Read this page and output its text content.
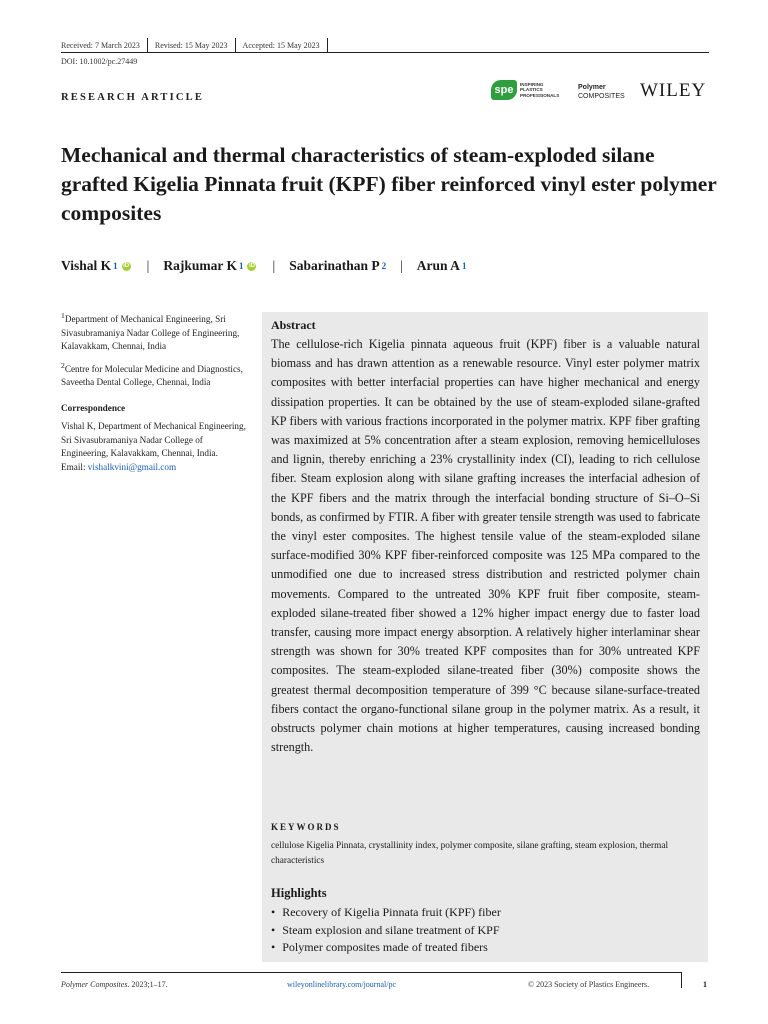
Received: 7 March 2023 Revised: 15 May 2023 Accepted: 15 May 2023
DOI: 10.1002/pc.27449
RESEARCH ARTICLE
spe	INSPIRING
PLASTICS
PROFESSIONALS
Polymer
COMPOSITES WILEY
Mechanical and thermal characteristics of steam-exploded silane grafted Kigelia Pinnata fruit (KPF) fiber reinforced vinyl ester polymer composites
Vishal K 1 iD | Rajkumar K 1 iD | Sabarinathan P 2 | Arun A 1

$^1$Department of Mechanical Engineering, Sri Sivasubramaniya Nadar College of Engineering, Kalavakkam, Chennai, India

$^2$Centre for Molecular Medicine and Diagnostics, Saveetha Dental College, Chennai, India

Correspondence

Vishal K, Department of Mechanical Engineering, Sri Sivasubramaniya Nadar College of Engineering, Kalavakkam, Chennai, India.
Email: vishalkvini@gmail.com

Abstract
The cellulose-rich Kigelia pinnata aqueous fruit (KPF) fiber is a valuable natural biomass and has drawn attention as a renewable resource. Vinyl ester polymer matrix composites with better interfacial properties can have higher mechanical and energy dissipation properties. It can be obtained by the use of steam-exploded silane-grafted KP fibers with various fractions incorporated in the polymer matrix. KPF fiber grafting was maximized at 5% concentration after a steam explosion, removing hemicelluloses and lignin, thereby enriching a 23% crystallinity index (CI), leading to rich cellulose fiber. Steam explosion along with silane grafting increases the interfacial adhesion of the KPF fibers and the matrix through the interfacial bonding structure of Si–O–Si bonds, as confirmed by FTIR. A fiber with greater tensile strength was used to fabricate the vinyl ester composites. The highest tensile value of the steam-exploded silane surface-modified 30% KPF fiber-reinforced composite was 125 MPa compared to the unmodified one due to increased stress distribution and restricted polymer chain movements. Compared to the untreated 30% KPF fruit fiber composite, steam-exploded silane-treated fiber showed a 12% higher impact energy due to faster load transfer, causing more impact energy absorption. A relatively higher interlaminar shear strength was shown for 30% treated KPF composites than for 30% untreated KPF composites. The steam-exploded silane-treated fiber (30%) composite shows the greatest thermal decomposition temperature of 399 °C because silane-surface-treated fibers contact the organo-functional silane group in the polymer matrix. As a result, it obstructs polymer chain motions at higher temperatures, causing increased bonding strength.
KEYWORDS
cellulose Kigelia Pinnata, crystallinity index, polymer composite, silane grafting, steam explosion, thermal characteristics
Highlights
• Recovery of Kigelia Pinnata fruit (KPF) fiber
• Steam explosion and silane treatment of KPF
• Polymer composites made of treated fibers
Polymer Composites. 2023;1–17.	wileyonlinelibrary.com/journal/pc	© 2023 Society of Plastics Engineers.	1
